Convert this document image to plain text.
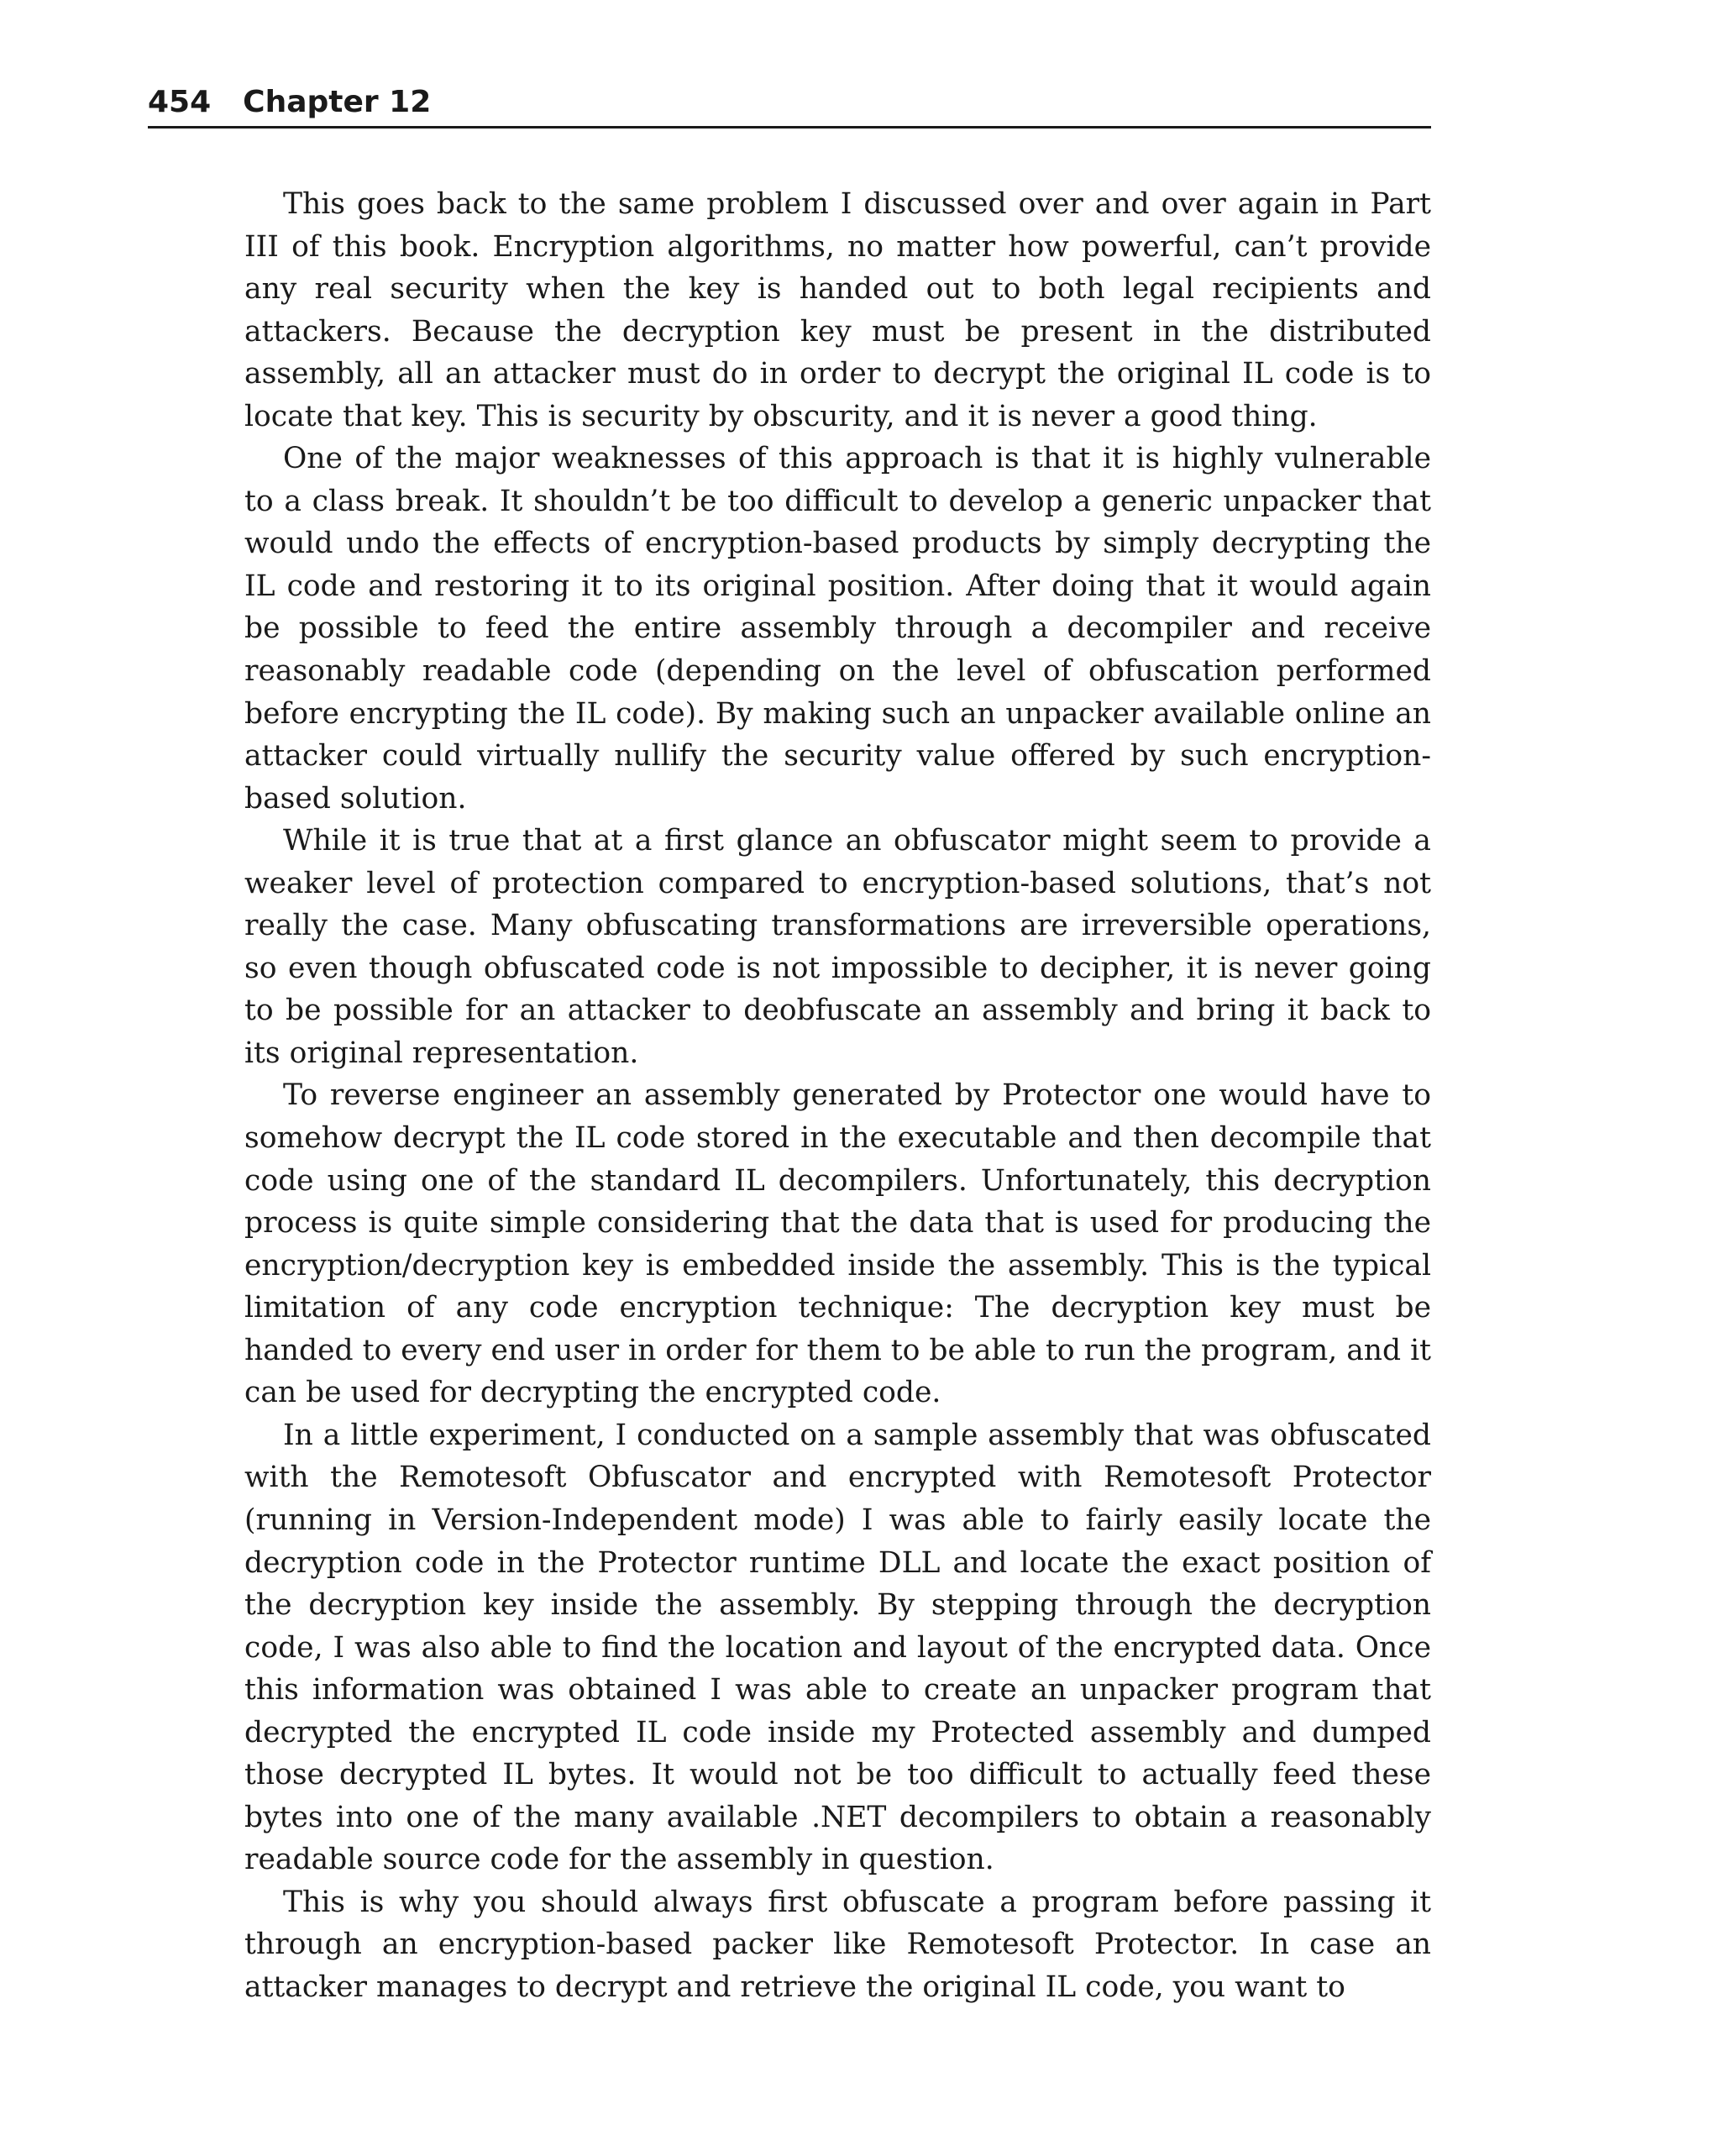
454 Chapter 12

This goes back to the same problem I discussed over and over again in Part III of this book. Encryption algorithms, no matter how powerful, can’t provide any real security when the key is handed out to both legal recipients and attackers. Because the decryption key must be present in the distributed assembly, all an attacker must do in order to decrypt the original IL code is to locate that key. This is security by obscurity, and it is never a good thing.

One of the major weaknesses of this approach is that it is highly vulnerable to a class break. It shouldn’t be too difficult to develop a generic unpacker that would undo the effects of encryption-based products by simply decrypting the IL code and restoring it to its original position. After doing that it would again be possible to feed the entire assembly through a decompiler and receive reasonably readable code (depending on the level of obfuscation performed before encrypting the IL code). By making such an unpacker available online an attacker could virtually nullify the security value offered by such encryption-based solution.

While it is true that at a first glance an obfuscator might seem to provide a weaker level of protection compared to encryption-based solutions, that’s not really the case. Many obfuscating transformations are irreversible operations, so even though obfuscated code is not impossible to decipher, it is never going to be possible for an attacker to deobfuscate an assembly and bring it back to its original representation.

To reverse engineer an assembly generated by Protector one would have to somehow decrypt the IL code stored in the executable and then decompile that code using one of the standard IL decompilers. Unfortunately, this decryption process is quite simple considering that the data that is used for producing the encryption/decryption key is embedded inside the assembly. This is the typical limitation of any code encryption technique: The decryption key must be handed to every end user in order for them to be able to run the program, and it can be used for decrypting the encrypted code.

In a little experiment, I conducted on a sample assembly that was obfuscated with the Remotesoft Obfuscator and encrypted with Remotesoft Protector (running in Version-Independent mode) I was able to fairly easily locate the decryption code in the Protector runtime DLL and locate the exact position of the decryption key inside the assembly. By stepping through the decryption code, I was also able to find the location and layout of the encrypted data. Once this information was obtained I was able to create an unpacker program that decrypted the encrypted IL code inside my Protected assembly and dumped those decrypted IL bytes. It would not be too difficult to actually feed these bytes into one of the many available .NET decompilers to obtain a reasonably readable source code for the assembly in question.

This is why you should always first obfuscate a program before passing it through an encryption-based packer like Remotesoft Protector. In case an attacker manages to decrypt and retrieve the original IL code, you want to
